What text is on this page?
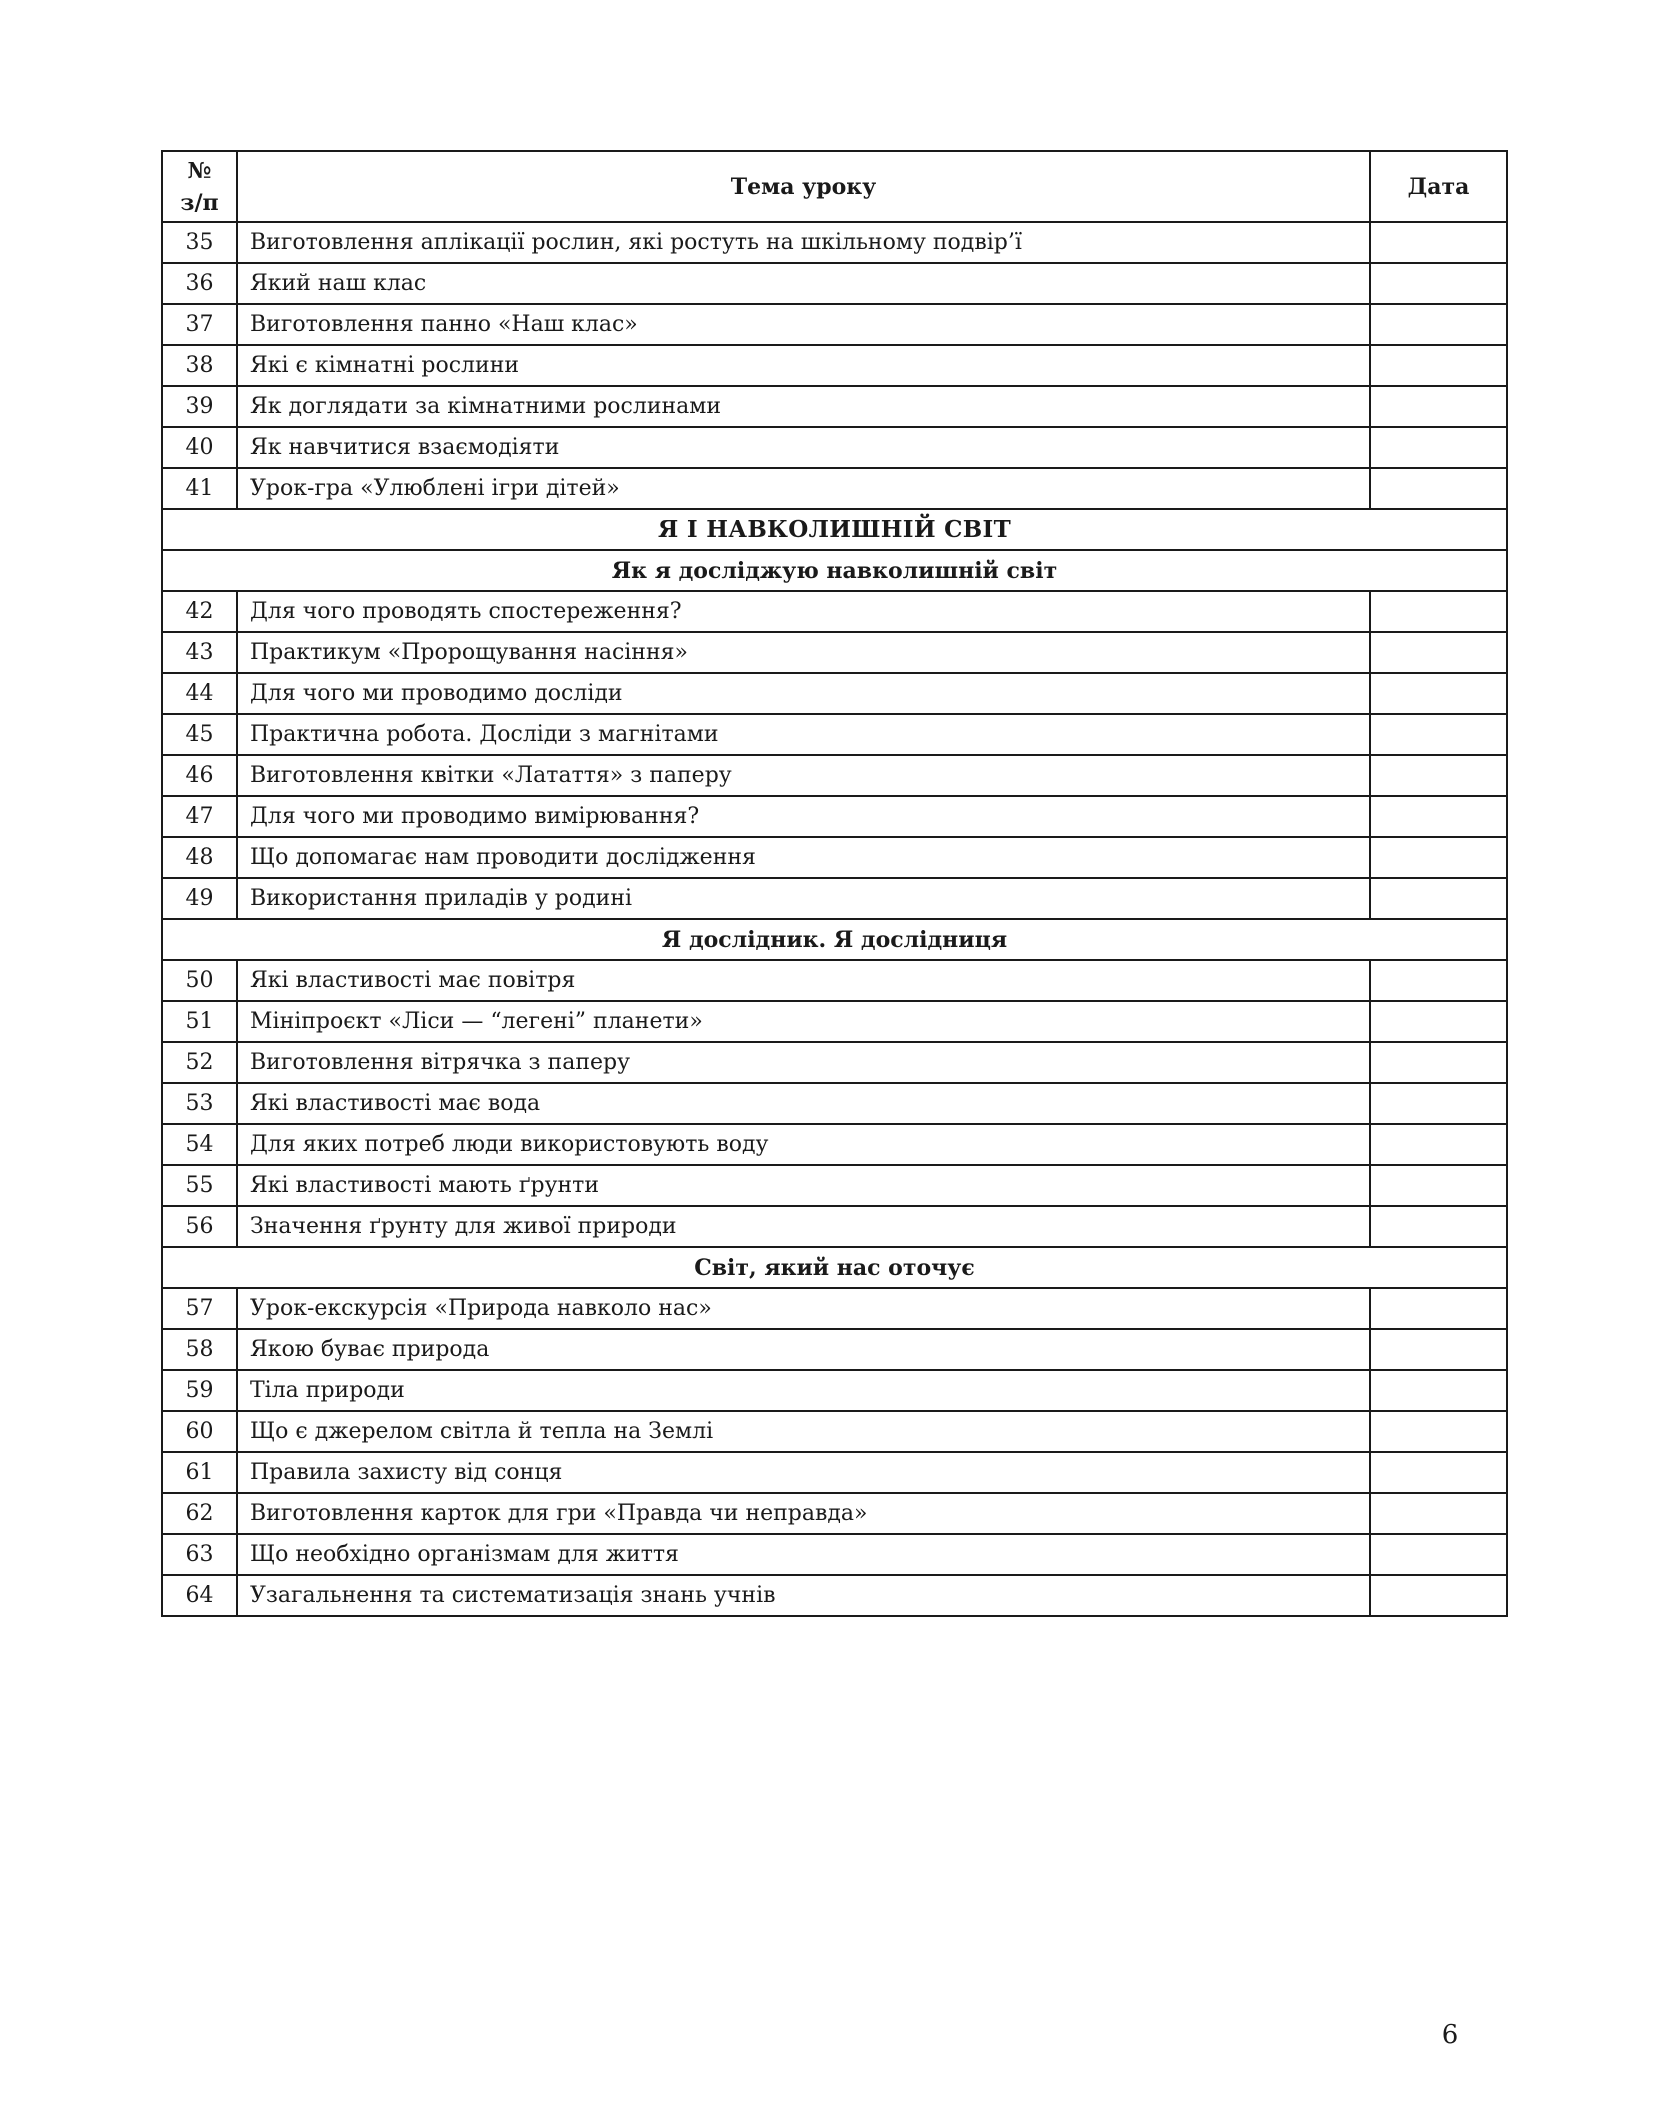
№
з/п	Тема уроку	Дата
35	Виготовлення аплікації рослин, які ростуть на шкільному подвір’ї	
36	Який наш клас	
37	Виготовлення панно «Наш клас»	
38	Які є кімнатні рослини	
39	Як доглядати за кімнатними рослинами	
40	Як навчитися взаємодіяти	
41	Урок-гра «Улюблені ігри дітей»	
Я І НАВКОЛИШНІЙ СВІТ		
Як я досліджую навколишній світ		
42	Для чого проводять спостереження?	
43	Практикум «Пророщування насіння»	
44	Для чого ми проводимо досліди	
45	Практична робота. Досліди з магнітами	
46	Виготовлення квітки «Латаття» з паперу	
47	Для чого ми проводимо вимірювання?	
48	Що допомагає нам проводити дослідження	
49	Використання приладів у родині	
Я дослідник. Я дослідниця		
50	Які властивості має повітря	
51	Мініпроєкт «Ліси — “легені” планети»	
52	Виготовлення вітрячка з паперу	
53	Які властивості має вода	
54	Для яких потреб люди використовують воду	
55	Які властивості мають ґрунти	
56	Значення ґрунту для живої природи	
Світ, який нас оточує		
57	Урок-екскурсія «Природа навколо нас»	
58	Якою буває природа	
59	Тіла природи	
60	Що є джерелом світла й тепла на Землі	
61	Правила захисту від сонця	
62	Виготовлення карток для гри «Правда чи неправда»	
63	Що необхідно організмам для життя	
64	Узагальнення та систематизація знань учнів	
6
